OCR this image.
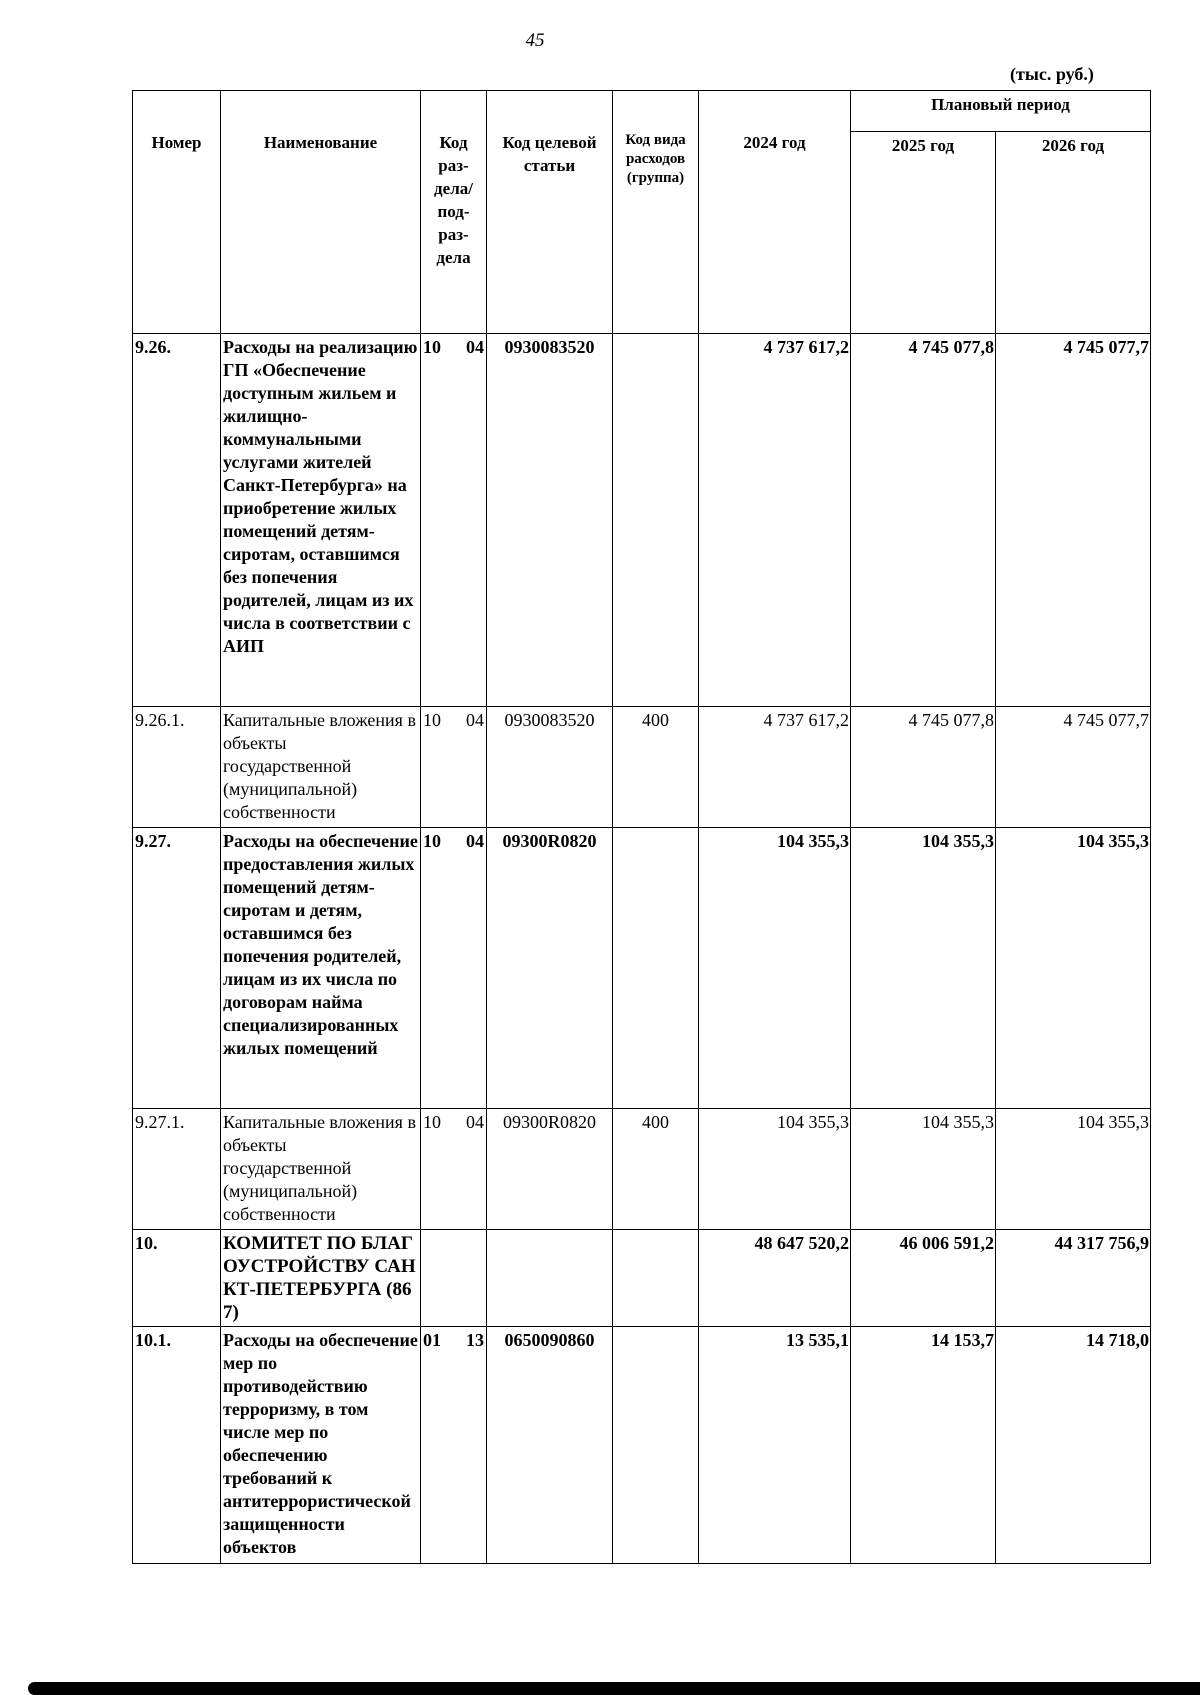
45
(тыс. руб.)
Номер	Наименование	Код раз-дела/ под-раз-дела	Код целевой статьи	Код вида расходов (группа)	2024 год	Плановый период	
						2025 год	2026 год
9.26.	Расходы на реализацию ГП «Обеспечение доступным жильем и жилищно-коммунальными услугами жителей Санкт-Петербурга» на приобретение жилых помещений детям-сиротам, оставшимся без попечения родителей, лицам из их числа в соответствии с АИП	10 04	0930083520		4 737 617,2	4 745 077,8	4 745 077,7
9.26.1.	Капитальные вложения в объекты государственной (муниципальной) собственности	10 04	0930083520	400	4 737 617,2	4 745 077,8	4 745 077,7
9.27.	Расходы на обеспечение предоставления жилых помещений детям-сиротам и детям, оставшимся без попечения родителей, лицам из их числа по договорам найма специализированных жилых помещений	10 04	09300R0820		104 355,3	104 355,3	104 355,3
9.27.1.	Капитальные вложения в объекты государственной (муниципальной) собственности	10 04	09300R0820	400	104 355,3	104 355,3	104 355,3
10.	КОМИТЕТ ПО БЛАГОУСТРОЙСТВУ САНКТ-ПЕТЕРБУРГА (867)				48 647 520,2	46 006 591,2	44 317 756,9
10.1.	Расходы на обеспечение мер по противодействию терроризму, в том числе мер по обеспечению требований к антитеррористической защищенности объектов	01 13	0650090860		13 535,1	14 153,7	14 718,0
